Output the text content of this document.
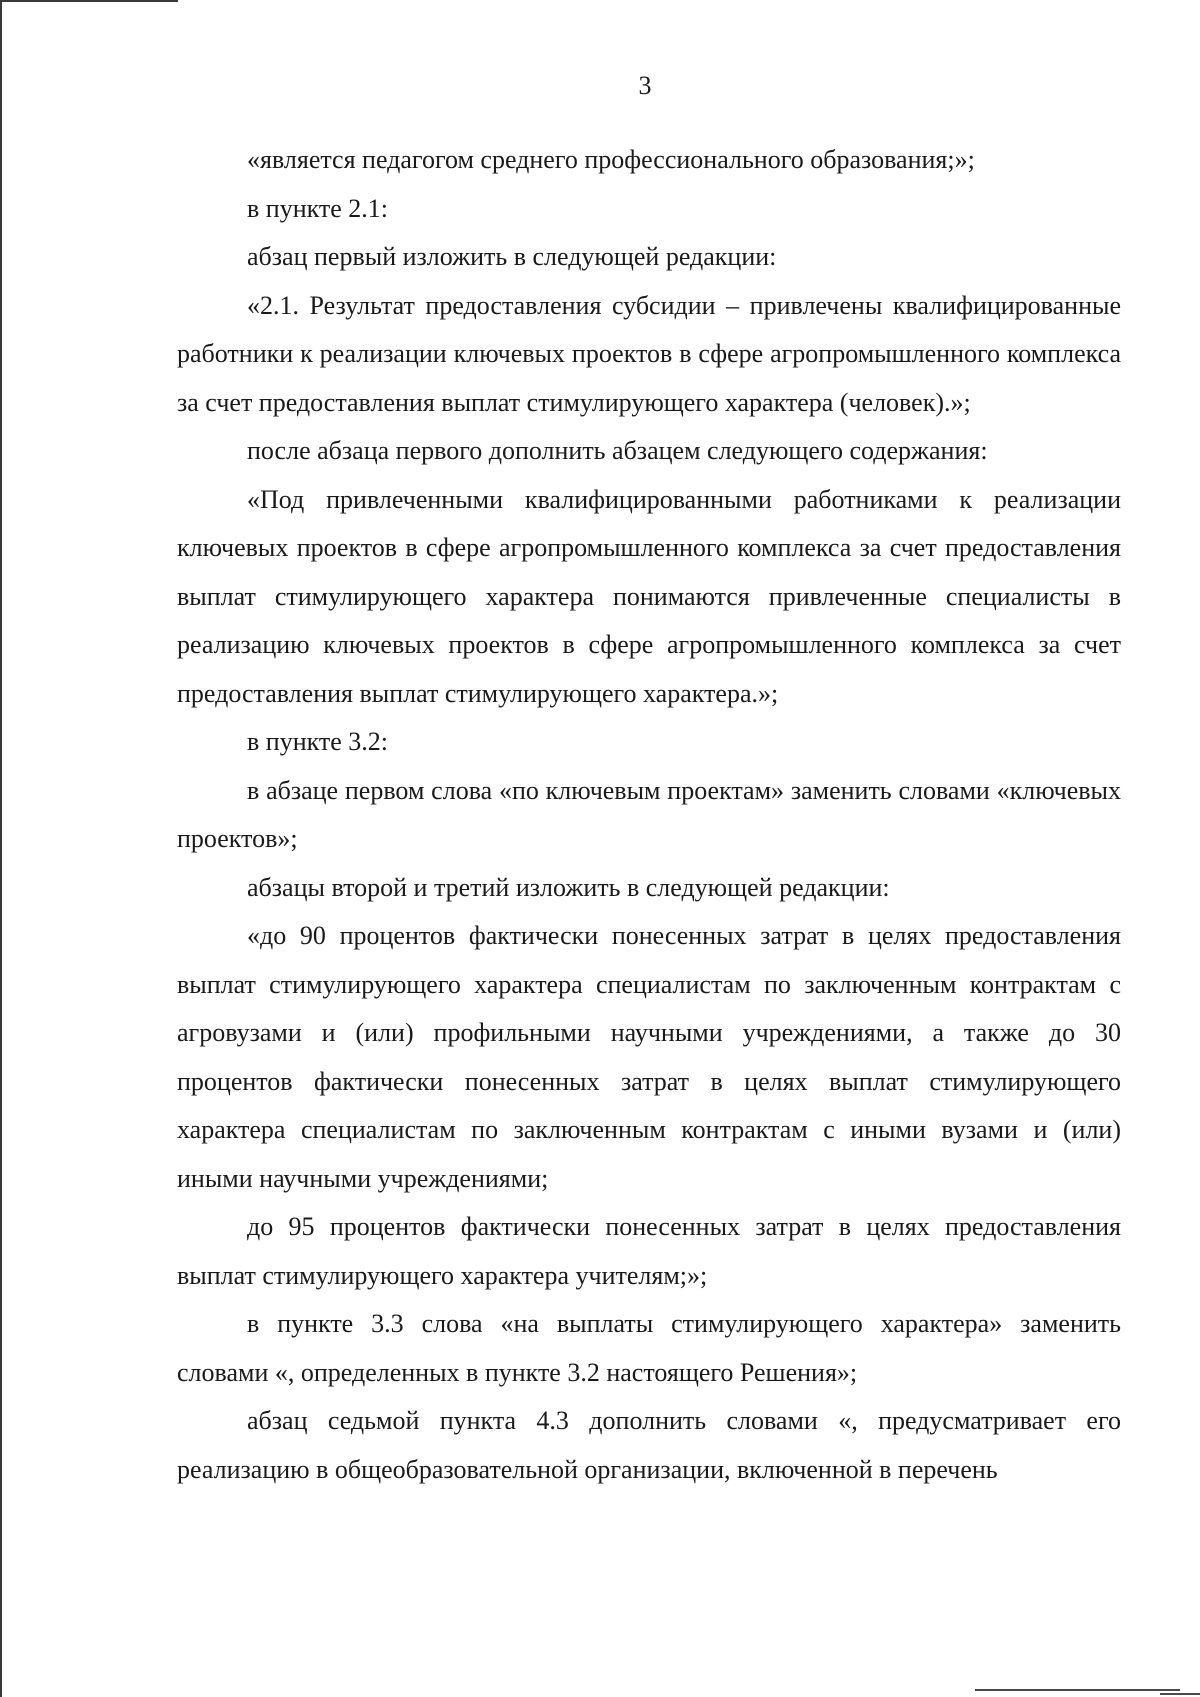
3

«является педагогом среднего профессионального образования;»;

в пункте 2.1:

абзац первый изложить в следующей редакции:

«2.1. Результат предоставления субсидии – привлечены квалифицированные работники к реализации ключевых проектов в сфере агропромышленного комплекса за счет предоставления выплат стимулирующего характера (человек).»;

после абзаца первого дополнить абзацем следующего содержания:

«Под привлеченными квалифицированными работниками к реализации ключевых проектов в сфере агропромышленного комплекса за счет предоставления выплат стимулирующего характера понимаются привлеченные специалисты в реализацию ключевых проектов в сфере агропромышленного комплекса за счет предоставления выплат стимулирующего характера.»;

в пункте 3.2:

в абзаце первом слова «по ключевым проектам» заменить словами «ключевых проектов»;

абзацы второй и третий изложить в следующей редакции:

«до 90 процентов фактически понесенных затрат в целях предоставления выплат стимулирующего характера специалистам по заключенным контрактам с агровузами и (или) профильными научными учреждениями, а также до 30 процентов фактически понесенных затрат в целях выплат стимулирующего характера специалистам по заключенным контрактам с иными вузами и (или) иными научными учреждениями;

до 95 процентов фактически понесенных затрат в целях предоставления выплат стимулирующего характера учителям;»;

в пункте 3.3 слова «на выплаты стимулирующего характера» заменить словами «, определенных в пункте 3.2 настоящего Решения»;

абзац седьмой пункта 4.3 дополнить словами «, предусматривает его реализацию в общеобразовательной организации, включенной в перечень
